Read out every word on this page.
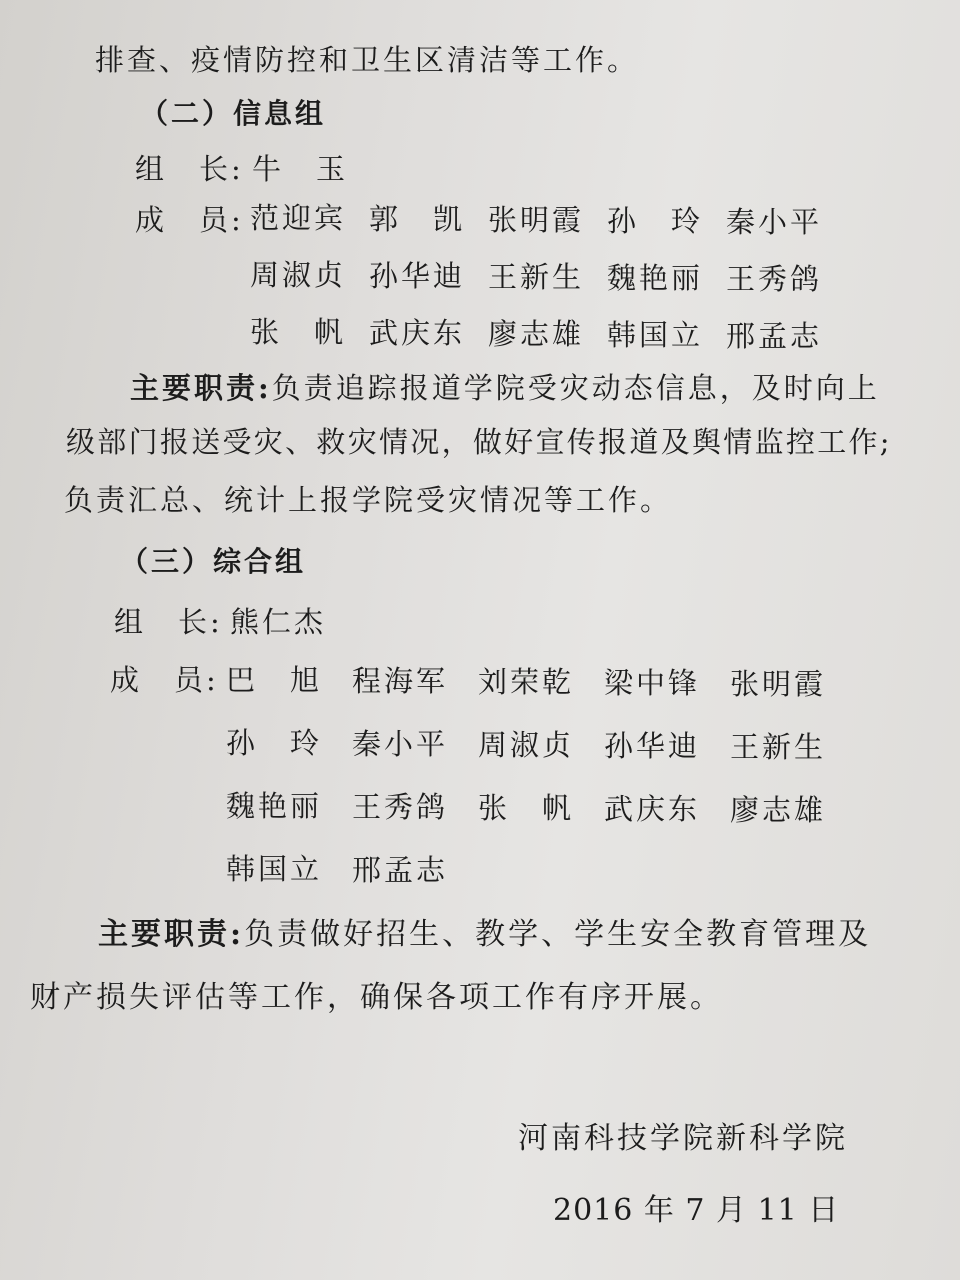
排查、疫情防控和卫生区清洁等工作。
（二）信息组
组　长: 牛　玉
成　员: 范迎宾 郭　凯 张明霞 孙　玲 秦小平
周淑贞 孙华迪 王新生 魏艳丽 王秀鸽
张　帆 武庆东 廖志雄 韩国立 邢孟志
主要职责:负责追踪报道学院受灾动态信息，及时向上
级部门报送受灾、救灾情况，做好宣传报道及舆情监控工作;
负责汇总、统计上报学院受灾情况等工作。
（三）综合组
组　长: 熊仁杰
成　员: 巴　旭 程海军 刘荣乾 梁中锋 张明霞
孙　玲 秦小平 周淑贞 孙华迪 王新生
魏艳丽 王秀鸽 张　帆 武庆东 廖志雄
韩国立 邢孟志
主要职责:负责做好招生、教学、学生安全教育管理及
财产损失评估等工作，确保各项工作有序开展。
河南科技学院新科学院
2016 年 7 月 11 日
